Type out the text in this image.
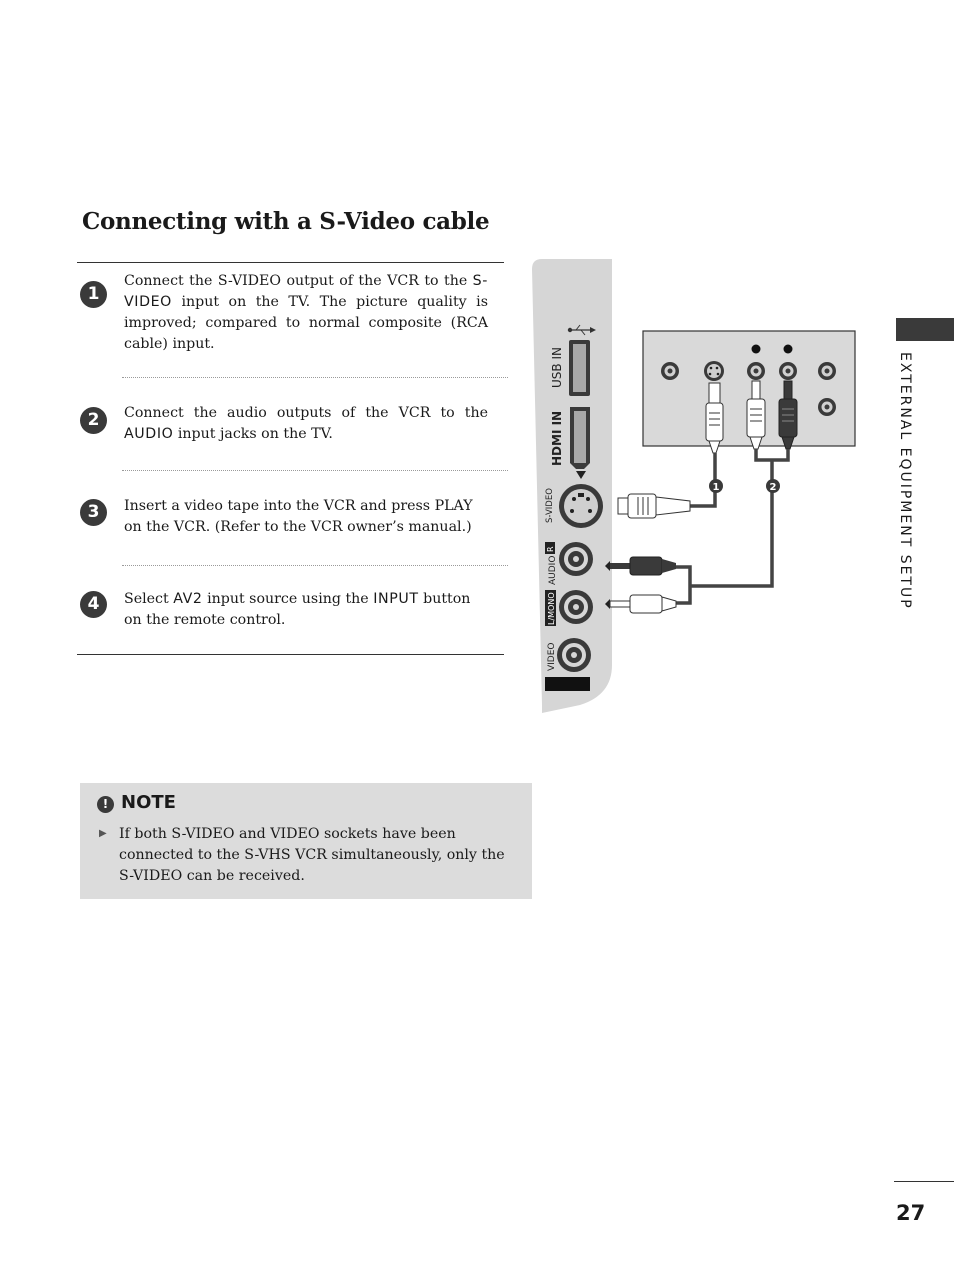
Connecting with a S-Video cable
1
Connect the S-VIDEO output of the VCR to the S-VIDEO input on the TV. The picture quality is improved; compared to normal composite (RCA cable) input.
2	Connect the audio outputs of the VCR to the AUDIO input jacks on the TV.
3	Insert a video tape into the VCR and press PLAY on the VCR. (Refer to the VCR owner’s manual.)
4	Select AV2 input source using the INPUT button on the remote control.
USB IN
HDMI IN
S-VIDEO
AUDIO
R
L/MONO
VIDEO
1	2	EXTERNAL EQUIPMENT SETUP
! NOTE
▶ If both S-VIDEO and VIDEO sockets have been connected to the S-VHS VCR simultaneously, only the S-VIDEO can be received.
27
